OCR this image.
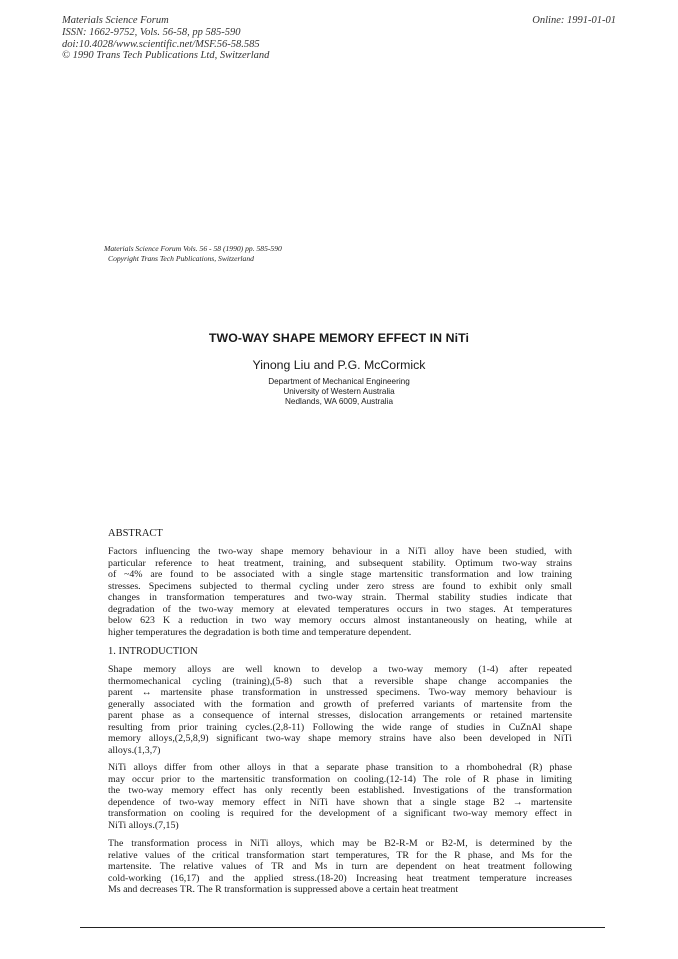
Materials Science Forum
ISSN: 1662-9752, Vols. 56-58, pp 585-590
doi:10.4028/www.scientific.net/MSF.56-58.585
© 1990 Trans Tech Publications Ltd, Switzerland
Online: 1991-01-01
Materials Science Forum Vols. 56 - 58 (1990) pp. 585-590
Copyright Trans Tech Publications, Switzerland
TWO-WAY SHAPE MEMORY EFFECT IN NiTi
Yinong Liu and P.G. McCormick
Department of Mechanical Engineering
University of Western Australia
Nedlands, WA 6009, Australia
ABSTRACT
Factors influencing the two-way shape memory behaviour in a NiTi alloy have been studied, with
particular reference to heat treatment, training, and subsequent stability. Optimum two-way strains
of ~4% are found to be associated with a single stage martensitic transformation and low training
stresses. Specimens subjected to thermal cycling under zero stress are found to exhibit only small
changes in transformation temperatures and two-way strain. Thermal stability studies indicate that
degradation of the two-way memory at elevated temperatures occurs in two stages. At temperatures
below 623 K a reduction in two way memory occurs almost instantaneously on heating, while at
higher temperatures the degradation is both time and temperature dependent.
1. INTRODUCTION
Shape memory alloys are well known to develop a two-way memory (1-4) after repeated
thermomechanical cycling (training),(5-8) such that a reversible shape change accompanies the
parent ↔ martensite phase transformation in unstressed specimens. Two-way memory behaviour is
generally associated with the formation and growth of preferred variants of martensite from the
parent phase as a consequence of internal stresses, dislocation arrangements or retained martensite
resulting from prior training cycles.(2,8-11) Following the wide range of studies in CuZnAl shape
memory alloys,(2,5,8,9) significant two-way shape memory strains have also been developed in NiTi
alloys.(1,3,7)
NiTi alloys differ from other alloys in that a separate phase transition to a rhombohedral (R) phase
may occur prior to the martensitic transformation on cooling.(12-14) The role of R phase in limiting
the two-way memory effect has only recently been established. Investigations of the transformation
dependence of two-way memory effect in NiTi have shown that a single stage B2 → martensite
transformation on cooling is required for the development of a significant two-way memory effect in
NiTi alloys.(7,15)
The transformation process in NiTi alloys, which may be B2-R-M or B2-M, is determined by the
relative values of the critical transformation start temperatures, TR for the R phase, and Ms for the
martensite. The relative values of TR and Ms in turn are dependent on heat treatment following
cold-working (16,17) and the applied stress.(18-20) Increasing heat treatment temperature increases
Ms and decreases TR. The R transformation is suppressed above a certain heat treatment
